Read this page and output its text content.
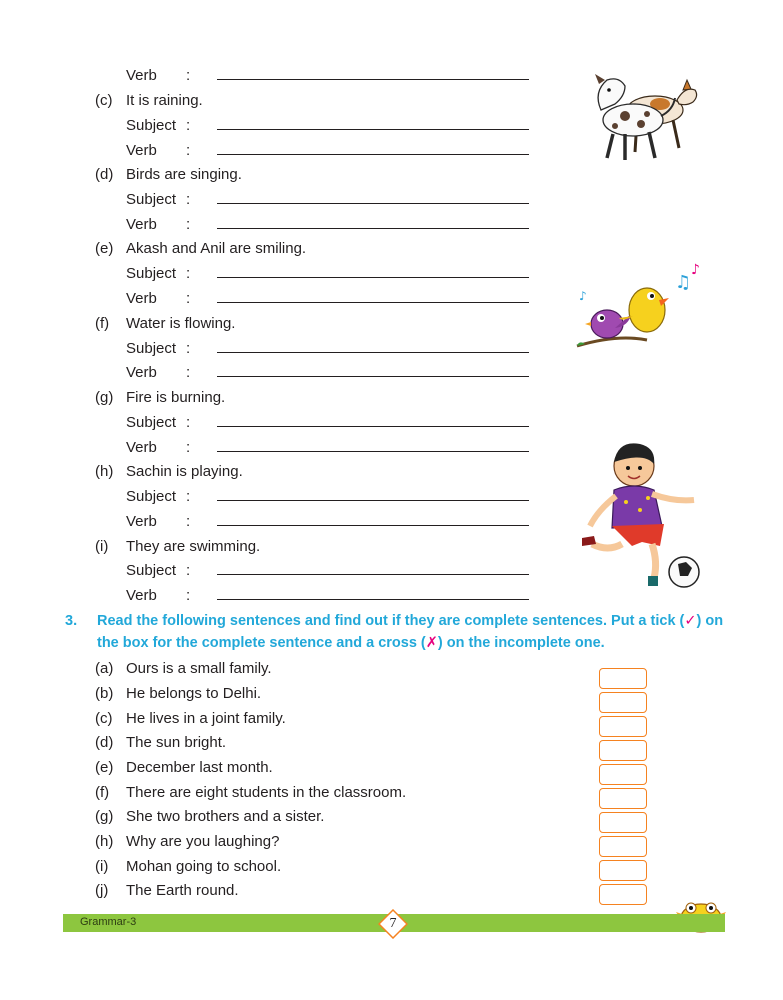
Verb :
(c) It is raining.
Subject :
Verb :
(d) Birds are singing.
Subject :
Verb :
(e) Akash and Anil are smiling.
Subject :
Verb :
(f) Water is flowing.
Subject :
Verb :
(g) Fire is burning.
Subject :
Verb :
(h) Sachin is playing.
Subject :
Verb :
(i) They are swimming.
Subject :
Verb :
3. Read the following sentences and find out if they are complete sentences. Put a tick (✓) on
the box for the complete sentence and a cross (✗) on the incomplete one.
(a) Ours is a small family.
(b) He belongs to Delhi.
(c) He lives in a joint family.
(d) The sun bright.
(e) December last month.
(f) There are eight students in the classroom.
(g) She two brothers and a sister.
(h) Why are you laughing?
(i) Mohan going to school.
(j) The Earth round.
♫
♪
♪
Grammar-3	7
